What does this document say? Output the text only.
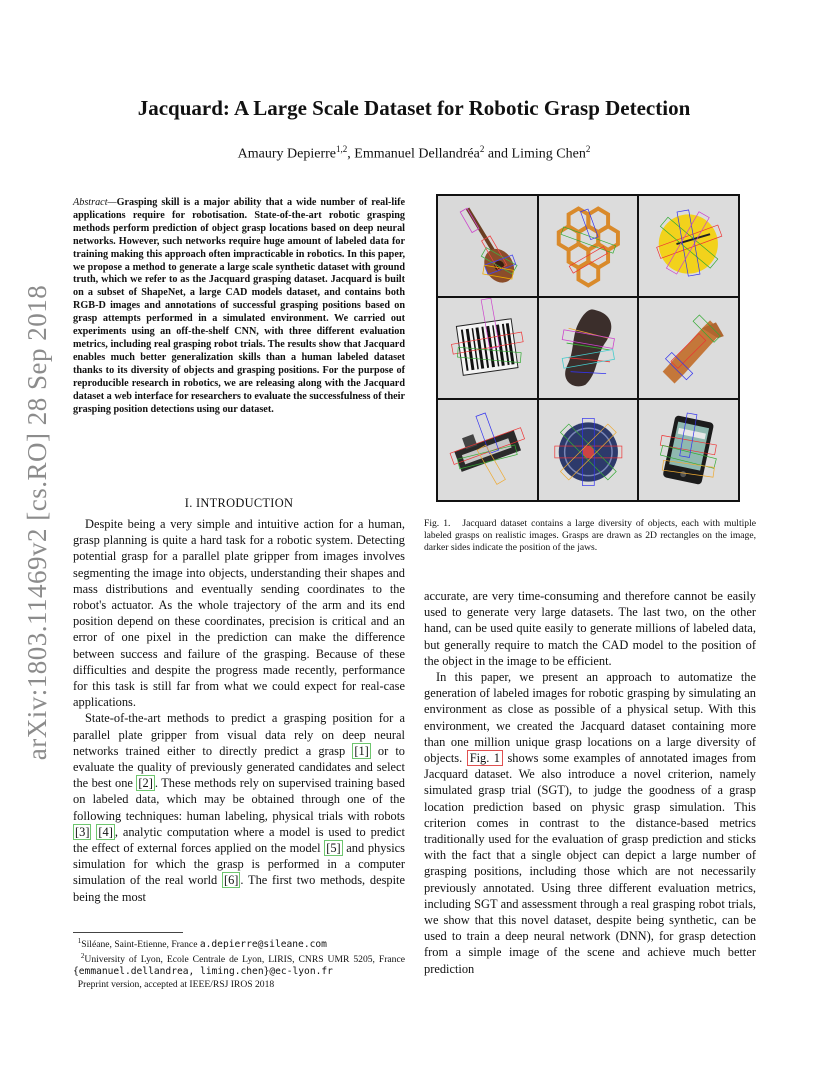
arXiv:1803.11469v2 [cs.RO] 28 Sep 2018
Jacquard: A Large Scale Dataset for Robotic Grasp Detection
Amaury Depierre$^{1,2}$, Emmanuel Dellandréa$^2$ and Liming Chen$^2$
Abstract—Grasping skill is a major ability that a wide number of real-life applications require for robotisation. State-of-the-art robotic grasping methods perform prediction of object grasp locations based on deep neural networks. However, such networks require huge amount of labeled data for training making this approach often impracticable in robotics. In this paper, we propose a method to generate a large scale synthetic dataset with ground truth, which we refer to as the Jacquard grasping dataset. Jacquard is built on a subset of ShapeNet, a large CAD models dataset, and contains both RGB-D images and annotations of successful grasping positions based on grasp attempts performed in a simulated environment. We carried out experiments using an off-the-shelf CNN, with three different evaluation metrics, including real grasping robot trials. The results show that Jacquard enables much better generalization skills than a human labeled dataset thanks to its diversity of objects and grasping positions. For the purpose of reproducible research in robotics, we are releasing along with the Jacquard dataset a web interface for researchers to evaluate the successfulness of their grasping position detections using our dataset.
I. INTRODUCTION

Despite being a very simple and intuitive action for a human, grasp planning is quite a hard task for a robotic system. Detecting potential grasp for a parallel plate gripper from images involves segmenting the image into objects, understanding their shapes and mass distributions and eventually sending coordinates to the robot's actuator. As the whole trajectory of the arm and its end position depend on these coordinates, precision is critical and an error of one pixel in the prediction can make the difference between success and failure of the grasping. Because of these difficulties and despite the progress made recently, performance for this task is still far from what we could expect for real-case applications.

State-of-the-art methods to predict a grasping position for a parallel plate gripper from visual data rely on deep neural networks trained either to directly predict a grasp [1] or to evaluate the quality of previously generated candidates and select the best one [2] . These methods rely on supervised training based on labeled data, which may be obtained through one of the following techniques: human labeling, physical trials with robots [3] [4] , analytic computation where a model is used to predict the effect of external forces applied on the model [5] and physics simulation for which the grasp is performed in a computer simulation of the real world [6] . The first two methods, despite being the most

Fig. 1. Jacquard dataset contains a large diversity of objects, each with multiple labeled grasps on realistic images. Grasps are drawn as 2D rectangles on the image, darker sides indicate the position of the jaws.

accurate, are very time-consuming and therefore cannot be easily used to generate very large datasets. The last two, on the other hand, can be used quite easily to generate millions of labeled data, but generally require to match the CAD model to the position of the object in the image to be efficient.

In this paper, we present an approach to automatize the generation of labeled images for robotic grasping by simulating an environment as close as possible of a physical setup. With this environment, we created the Jacquard dataset containing more than one million unique grasp locations on a large diversity of objects. Fig. 1 shows some examples of annotated images from Jacquard dataset. We also introduce a novel criterion, namely simulated grasp trial (SGT), to judge the goodness of a grasp location prediction based on physic grasp simulation. This criterion comes in contrast to the distance-based metrics traditionally used for the evaluation of grasp prediction and sticks with the fact that a single object can depict a large number of grasping positions, including those which are not necessarily previously annotated. Using three different evaluation metrics, including SGT and assessment through a real grasping robot trials, we show that this novel dataset, despite being synthetic, can be used to train a deep neural network (DNN), for grasp detection from a simple image of the scene and achieve much better prediction

$^1$Siléane, Saint-Etienne, France a.depierre@sileane.com

$^2$University of Lyon, Ecole Centrale de Lyon, LIRIS, CNRS UMR 5205, France {emmanuel.dellandrea, liming.chen}@ec-lyon.fr

Preprint version, accepted at IEEE/RSJ IROS 2018
